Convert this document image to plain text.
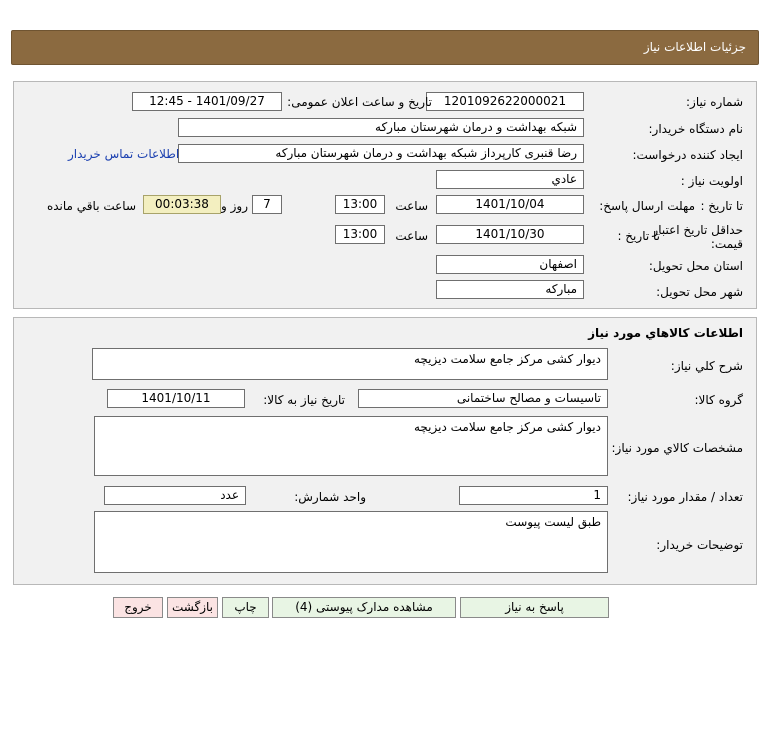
جزئيات اطلاعات نياز
شماره نياز:
1201092622000021
تاريخ و ساعت اعلان عمومی:
1401/09/27 - 12:45
نام دستگاه خريدار:
شبکه بهداشت و درمان شهرستان مبارکه
ايجاد کننده درخواست:
رضا قنبری کارپرداز شبکه بهداشت و درمان شهرستان مبارکه
اطلاعات تماس خريدار
اولويت نياز :
عادي
مهلت ارسال پاسخ: تا تاريخ :
1401/10/04
ساعت
13:00
7
روز و
00:03:38
ساعت باقي مانده
حداقل تاريخ اعتبار
قيمت:
تا تاريخ :
1401/10/30
ساعت
13:00
استان محل تحويل:
اصفهان
شهر محل تحويل:
مبارکه
اطلاعات کالاهاي مورد نياز
شرح کلي نياز:
ديوار کشی مرکز جامع سلامت ديزيچه
گروه کالا:
تاسيسات و مصالح ساختمانی
تاريخ نياز به کالا:
1401/10/11
مشخصات کالاي مورد نياز:
ديوار کشی مرکز جامع سلامت ديزيچه
تعداد / مقدار مورد نياز:
1
واحد شمارش:
عدد
توضيحات خريدار:
طبق ليست پيوست
پاسخ به نياز
مشاهده مدارک پيوستی (4)
چاپ
بازگشت
خروج
